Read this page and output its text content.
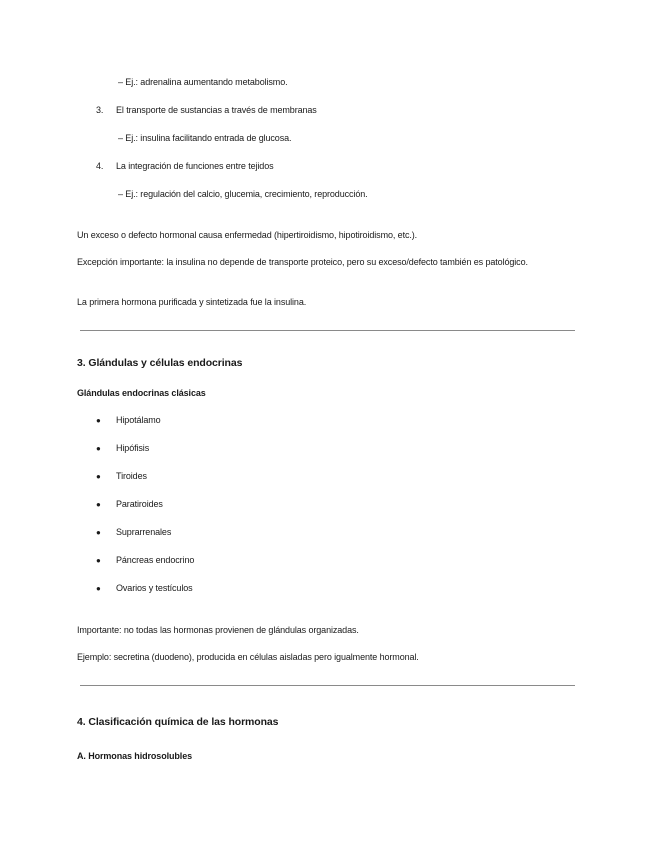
– Ej.: adrenalina aumentando metabolismo.
3. El transporte de sustancias a través de membranas
– Ej.: insulina facilitando entrada de glucosa.
4. La integración de funciones entre tejidos
– Ej.: regulación del calcio, glucemia, crecimiento, reproducción.
Un exceso o defecto hormonal causa enfermedad (hipertiroidismo, hipotiroidismo, etc.).
Excepción importante: la insulina no depende de transporte proteico, pero su exceso/defecto también es patológico.
La primera hormona purificada y sintetizada fue la insulina.
3. Glándulas y células endocrinas
Glándulas endocrinas clásicas
● Hipotálamo
● Hipófisis
● Tiroides
● Paratiroides
● Suprarrenales
● Páncreas endocrino
● Ovarios y testículos
Importante: no todas las hormonas provienen de glándulas organizadas.
Ejemplo: secretina (duodeno), producida en células aisladas pero igualmente hormonal.
4. Clasificación química de las hormonas
A. Hormonas hidrosolubles
